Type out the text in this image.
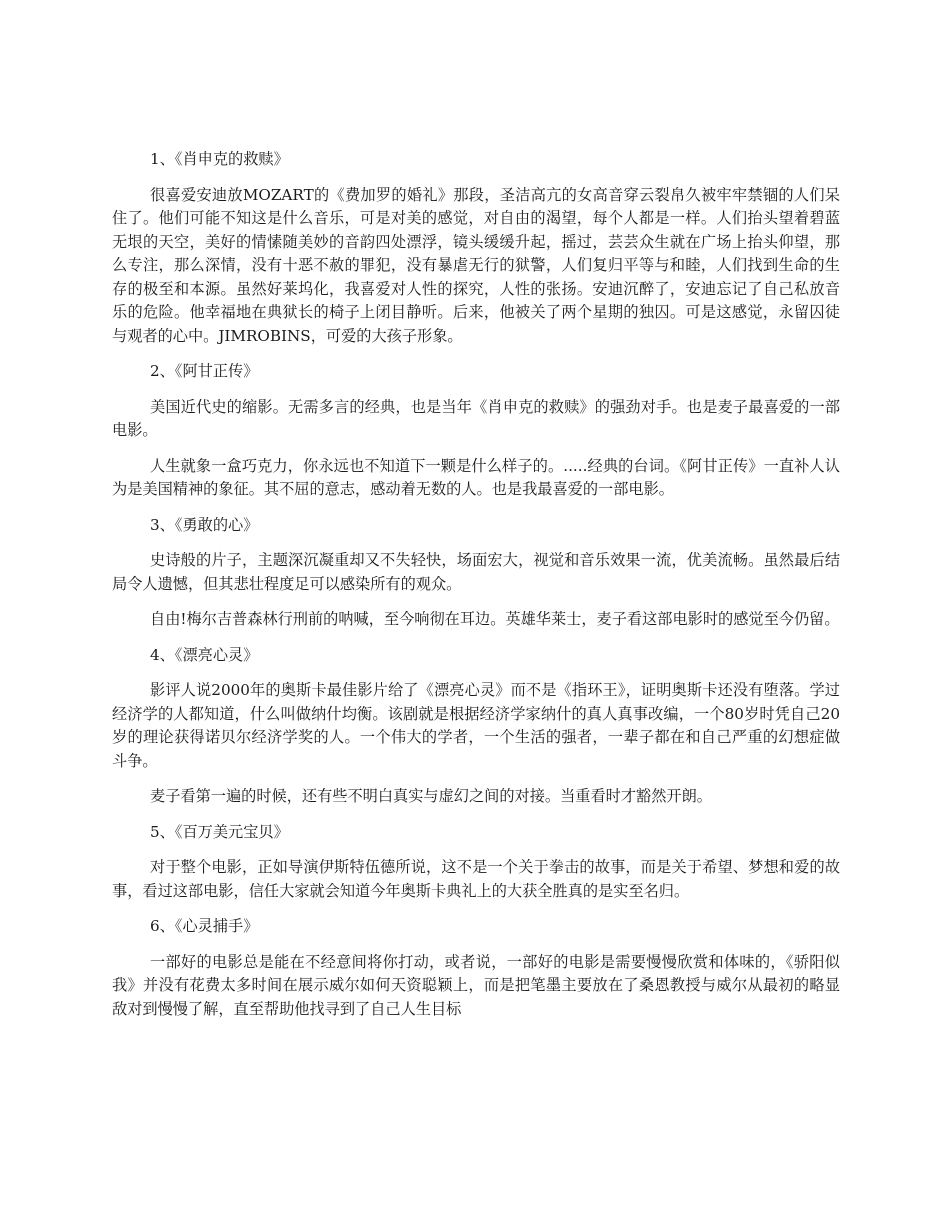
1、《肖申克的救赎》

很喜爱安迪放MOZART的《费加罗的婚礼》那段，圣洁高亢的女高音穿云裂帛久被牢牢禁锢的人们呆住了。他们可能不知这是什么音乐，可是对美的感觉，对自由的渴望，每个人都是一样。人们抬头望着碧蓝无垠的天空，美好的情愫随美妙的音韵四处漂浮，镜头缓缓升起，摇过，芸芸众生就在广场上抬头仰望，那么专注，那么深情，没有十恶不赦的罪犯，没有暴虐无行的狱警，人们复归平等与和睦，人们找到生命的生存的极至和本源。虽然好莱坞化，我喜爱对人性的探究，人性的张扬。安迪沉醉了，安迪忘记了自己私放音乐的危险。他幸福地在典狱长的椅子上闭目静听。后来，他被关了两个星期的独囚。可是这感觉，永留囚徒与观者的心中。JIMROBINS，可爱的大孩子形象。

2、《阿甘正传》

美国近代史的缩影。无需多言的经典，也是当年《肖申克的救赎》的强劲对手。也是麦子最喜爱的一部电影。

人生就象一盒巧克力，你永远也不知道下一颗是什么样子的。.....经典的台词。《阿甘正传》一直补人认为是美国精神的象征。其不屈的意志，感动着无数的人。也是我最喜爱的一部电影。

3、《勇敢的心》

史诗般的片子，主题深沉凝重却又不失轻快，场面宏大，视觉和音乐效果一流，优美流畅。虽然最后结局令人遗憾，但其悲壮程度足可以感染所有的观众。

自由!梅尔吉普森林行刑前的呐喊，至今响彻在耳边。英雄华莱士，麦子看这部电影时的感觉至今仍留。

4、《漂亮心灵》

影评人说2000年的奥斯卡最佳影片给了《漂亮心灵》而不是《指环王》，证明奥斯卡还没有堕落。学过经济学的人都知道，什么叫做纳什均衡。该剧就是根据经济学家纳什的真人真事改编，一个80岁时凭自己20岁的理论获得诺贝尔经济学奖的人。一个伟大的学者，一个生活的强者，一辈子都在和自己严重的幻想症做斗争。

麦子看第一遍的时候，还有些不明白真实与虚幻之间的对接。当重看时才豁然开朗。

5、《百万美元宝贝》

对于整个电影，正如导演伊斯特伍德所说，这不是一个关于拳击的故事，而是关于希望、梦想和爱的故事，看过这部电影，信任大家就会知道今年奥斯卡典礼上的大获全胜真的是实至名归。

6、《心灵捕手》

一部好的电影总是能在不经意间将你打动，或者说，一部好的电影是需要慢慢欣赏和体味的，《骄阳似我》并没有花费太多时间在展示威尔如何天资聪颖上，而是把笔墨主要放在了桑恩教授与威尔从最初的略显敌对到慢慢了解，直至帮助他找寻到了自己人生目标
